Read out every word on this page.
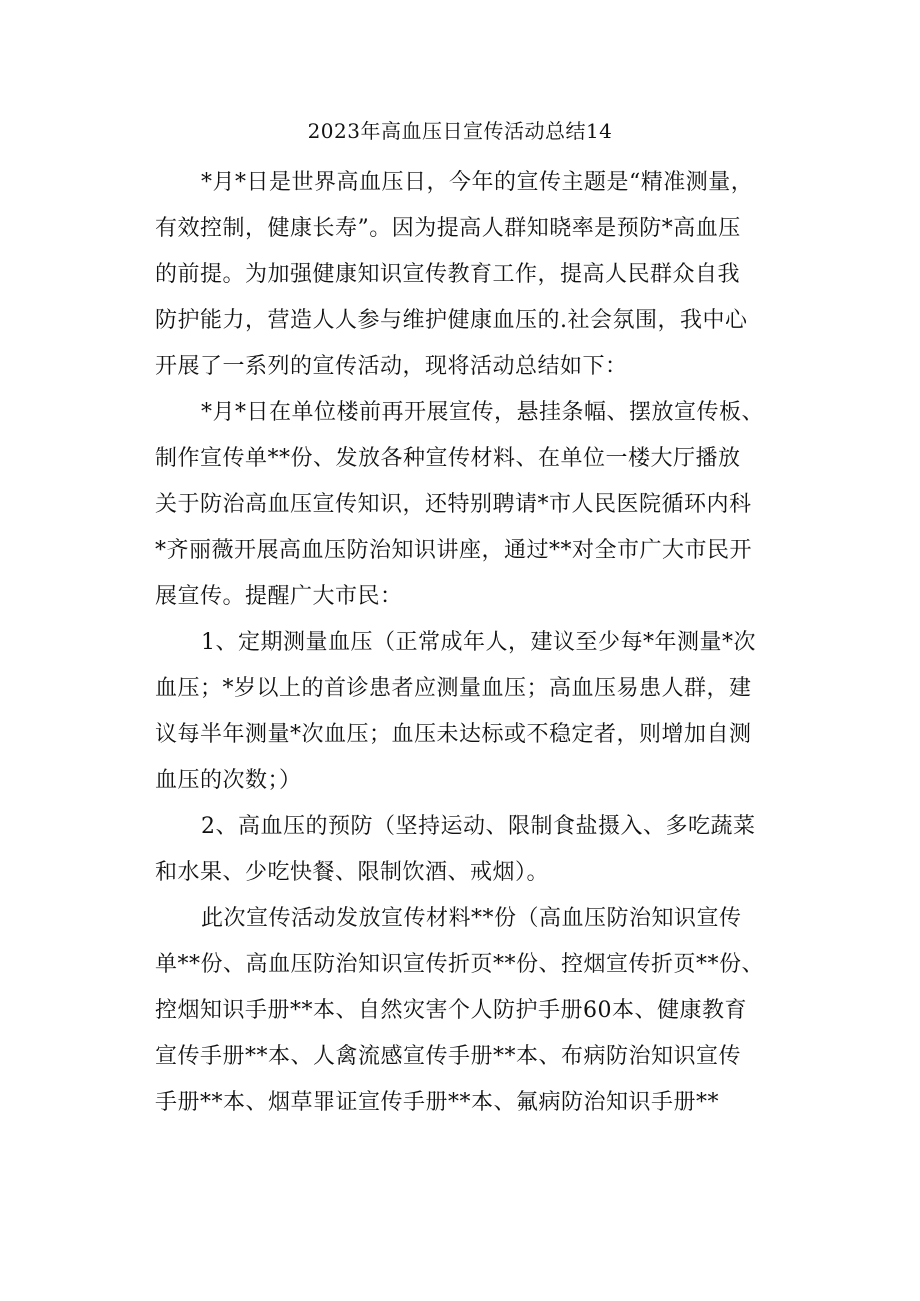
2023年高血压日宣传活动总结14
*月*日是世界高血压日，今年的宣传主题是“精准测量，
有效控制，健康长寿”。因为提高人群知晓率是预防*高血压
的前提。为加强健康知识宣传教育工作，提高人民群众自我
防护能力，营造人人参与维护健康血压的.社会氛围，我中心
开展了一系列的宣传活动，现将活动总结如下：
*月*日在单位楼前再开展宣传，悬挂条幅、摆放宣传板、
制作宣传单**份、发放各种宣传材料、在单位一楼大厅播放
关于防治高血压宣传知识，还特别聘请*市人民医院循环内科
*齐丽薇开展高血压防治知识讲座，通过**对全市广大市民开
展宣传。提醒广大市民：
1、定期测量血压（正常成年人，建议至少每*年测量*次
血压；*岁以上的首诊患者应测量血压；高血压易患人群，建
议每半年测量*次血压；血压未达标或不稳定者，则增加自测
血压的次数；）
2、高血压的预防（坚持运动、限制食盐摄入、多吃蔬菜
和水果、少吃快餐、限制饮酒、戒烟）。
此次宣传活动发放宣传材料**份（高血压防治知识宣传
单**份、高血压防治知识宣传折页**份、控烟宣传折页**份、
控烟知识手册**本、自然灾害个人防护手册60本、健康教育
宣传手册**本、人禽流感宣传手册**本、布病防治知识宣传
手册**本、烟草罪证宣传手册**本、氟病防治知识手册**
